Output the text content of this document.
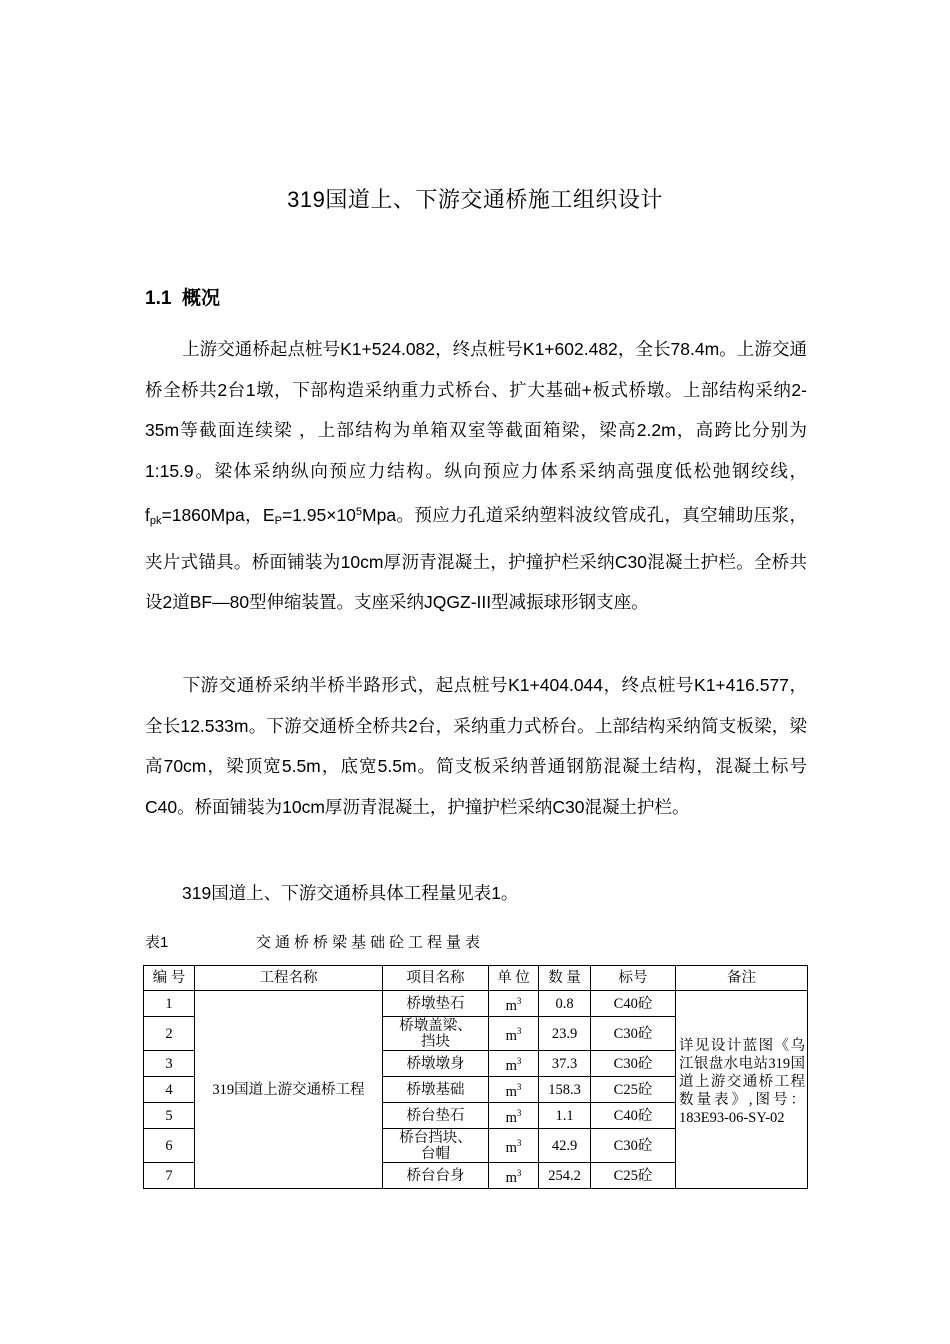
319国道上、下游交通桥施工组织设计
1.1 概况
上游交通桥起点桩号K1+524.082，终点桩号K1+602.482，全长78.4m。上游交通桥全桥共2台1墩，下部构造采纳重力式桥台、扩大基础+板式桥墩。上部结构采纳2-35m等截面连续梁 ，上部结构为单箱双室等截面箱梁，梁高2.2m，高跨比分别为1:15.9。梁体采纳纵向预应力结构。纵向预应力体系采纳高强度低松弛钢绞线，$f_{pk}=1860Mpa$，$E_P=1.95\times 10^5Mpa$。预应力孔道采纳塑料波纹管成孔，真空辅助压浆，夹片式锚具。桥面铺装为10cm厚沥青混凝土，护撞护栏采纳C30混凝土护栏。全桥共设2道BF—80型伸缩装置。支座采纳JQGZ-III型减振球形钢支座。
下游交通桥采纳半桥半路形式，起点桩号K1+404.044，终点桩号K1+416.577，全长12.533m。下游交通桥全桥共2台，采纳重力式桥台。上部结构采纳简支板梁，梁高70cm，梁顶宽5.5m，底宽5.5m。简支板采纳普通钢筋混凝土结构，混凝土标号C40。桥面铺装为10cm厚沥青混凝土，护撞护栏采纳C30混凝土护栏。
319国道上、下游交通桥具体工程量见表1。
表1	交通桥桥梁基础砼工程量表
编 号	工程名称	项目名称	单 位	数 量	标号	备注
1	319国道上游交通桥工程	桥墩垫石	$m^3$	0.8	C40砼	详见设计蓝图《乌江银盘水电站319国道上游交通桥工程数量表》,图号：183E93-06-SY-02

2		桥墩盖梁、
挡块	$m^3$	23.9	C30砼	
3		桥墩墩身	$m^3$	37.3	C30砼	
4		桥墩基础	$m^3$	158.3	C25砼	
5		桥台垫石	$m^3$	1.1	C40砼	
6		桥台挡块、
台帽	$m^3$	42.9	C30砼	
7		桥台台身	$m^3$	254.2	C25砼	
